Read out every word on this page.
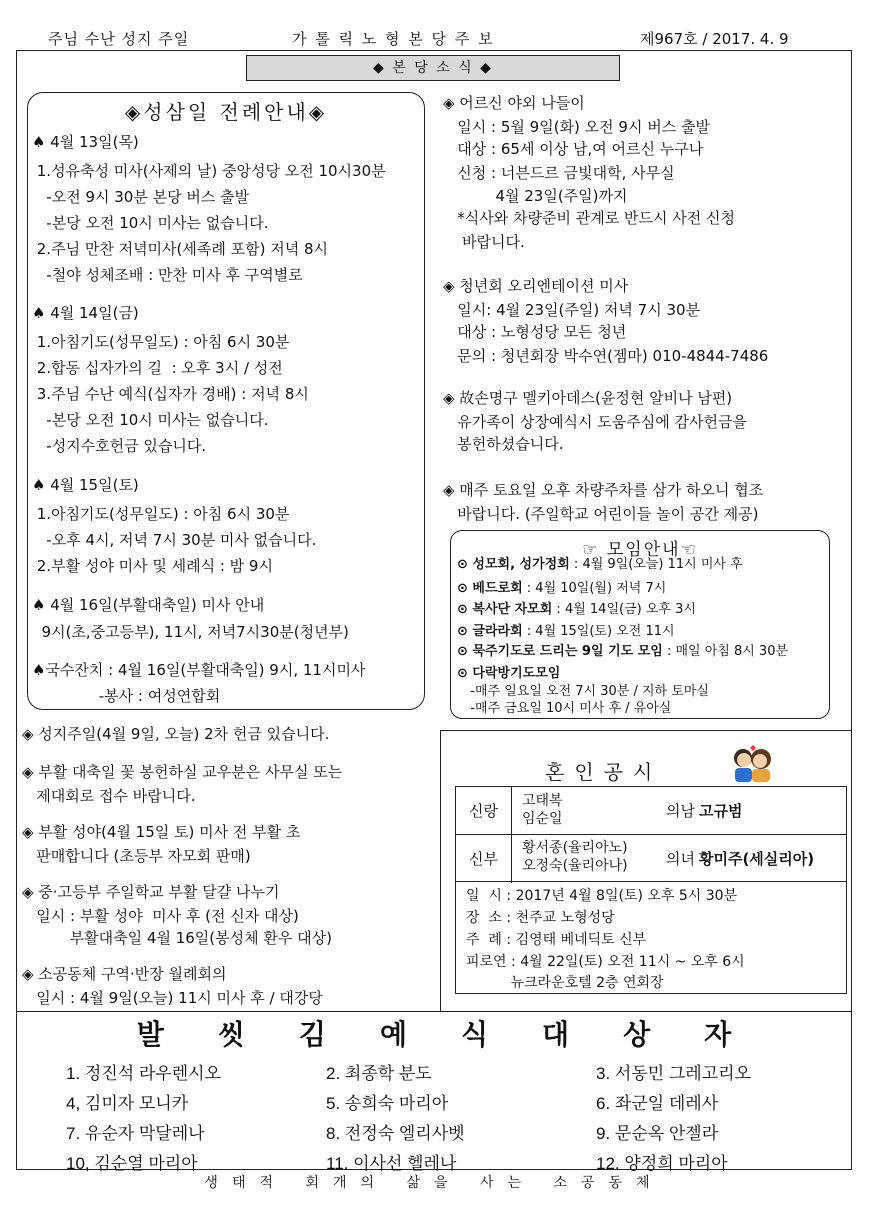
주님 수난 성지 주일	가 톨 릭 노 형 본 당 주 보	제967호 / 2017. 4. 9
◆ 본 당 소 식 ◆
◈성삼일 전례안내◈
♠ 4월 13일(목)
1.성유축성 미사(사제의 날) 중앙성당 오전 10시30분
-오전 9시 30분 본당 버스 출발
-본당 오전 10시 미사는 없습니다.
2.주님 만찬 저녁미사(세족례 포함) 저녁 8시
-철야 성체조배 : 만찬 미사 후 구역별로
♠ 4월 14일(금)
1.아침기도(성무일도) : 아침 6시 30분
2.합동 십자가의 길  : 오후 3시 / 성전
3.주님 수난 예식(십자가 경배) : 저녁 8시
-본당 오전 10시 미사는 없습니다.
-성지수호헌금 있습니다.
♠ 4월 15일(토)
1.아침기도(성무일도) : 아침 6시 30분
-오후 4시, 저녁 7시 30분 미사 없습니다.
2.부활 성야 미사 및 세례식 : 밤 9시
♠ 4월 16일(부활대축일) 미사 안내
9시(초,중고등부), 11시, 저녁7시30분(청년부)
♠국수잔치 : 4월 16일(부활대축일) 9시, 11시미사
-봉사 : 여성연합회
◈ 성지주일(4월 9일, 오늘) 2차 헌금 있습니다.
◈ 부활 대축일 꽃 봉헌하실 교우분은 사무실 또는
제대회로 접수 바랍니다.
◈ 부활 성야(4월 15일 토) 미사 전 부활 초
판매합니다 (초등부 자모회 판매)
◈ 중·고등부 주일학교 부활 달걀 나누기
일시 : 부활 성야  미사 후 (전 신자 대상)
부활대축일 4월 16일(봉성체 환우 대상)
◈ 소공동체 구역·반장 월례회의
일시 : 4월 9일(오늘) 11시 미사 후 / 대강당
◈ 어르신 야외 나들이
일시 : 5월 9일(화) 오전 9시 버스 출발
대상 : 65세 이상 남,여 어르신 누구나
신청 : 너븐드르 금빛대학, 사무실
4월 23일(주일)까지
*식사와 차량준비 관계로 반드시 사전 신청
바랍니다.
◈ 청년회 오리엔테이션 미사
일시: 4월 23일(주일) 저녁 7시 30분
대상 : 노형성당 모든 청년
문의 : 청년회장 박수연(젬마) 010-4844-7486
◈ 故손명구 멜키아데스(윤정현 알비나 남편)
유가족이 상장예식시 도움주심에 감사헌금을
봉헌하셨습니다.
◈ 매주 토요일 오후 차량주차를 삼가 하오니 협조
바랍니다. (주일학교 어린이들 놀이 공간 제공)
☞ 모임안내☜
⊙ 성모회, 성가정회 : 4월 9일(오늘) 11시 미사 후
⊙ 베드로회 : 4월 10일(월) 저녁 7시
⊙ 복사단 자모회 : 4월 14일(금) 오후 3시
⊙ 글라라회 : 4월 15일(토) 오전 11시
⊙ 묵주기도로 드리는 9일 기도 모임 : 매일 아침 8시 30분
⊙ 다락방기도모임
-매주 일요일 오전 7시 30분 / 지하 토마실
-매주 금요일 10시 미사 후 / 유아실
혼인공시
신랑
고태복
임순일	의남 고규범
신부
황서종(율리아노)
오정숙(율리아나)	의녀 황미주(세실리아)
일  시 : 2017년 4월 8일(토) 오후 5시 30분
장  소 : 천주교 노형성당
주  례 : 김영태 베네딕토 신부
피로연 : 4월 22일(토) 오전 11시 ~ 오후 6시
뉴크라운호텔 2층 연회장
발씻김예식대상자
1. 정진석 라우렌시오	2. 최종학 분도	3. 서동민 그레고리오
4, 김미자 모니카	5. 송희숙 마리아	6. 좌군일 데레사
7. 유순자 막달레나	8. 전정숙 엘리사벳	9. 문순옥 안젤라
10, 김순열 마리아	11. 이사선 헬레나	12. 양정희 마리아
생태적 회개의 삶을 사는 소공동체
